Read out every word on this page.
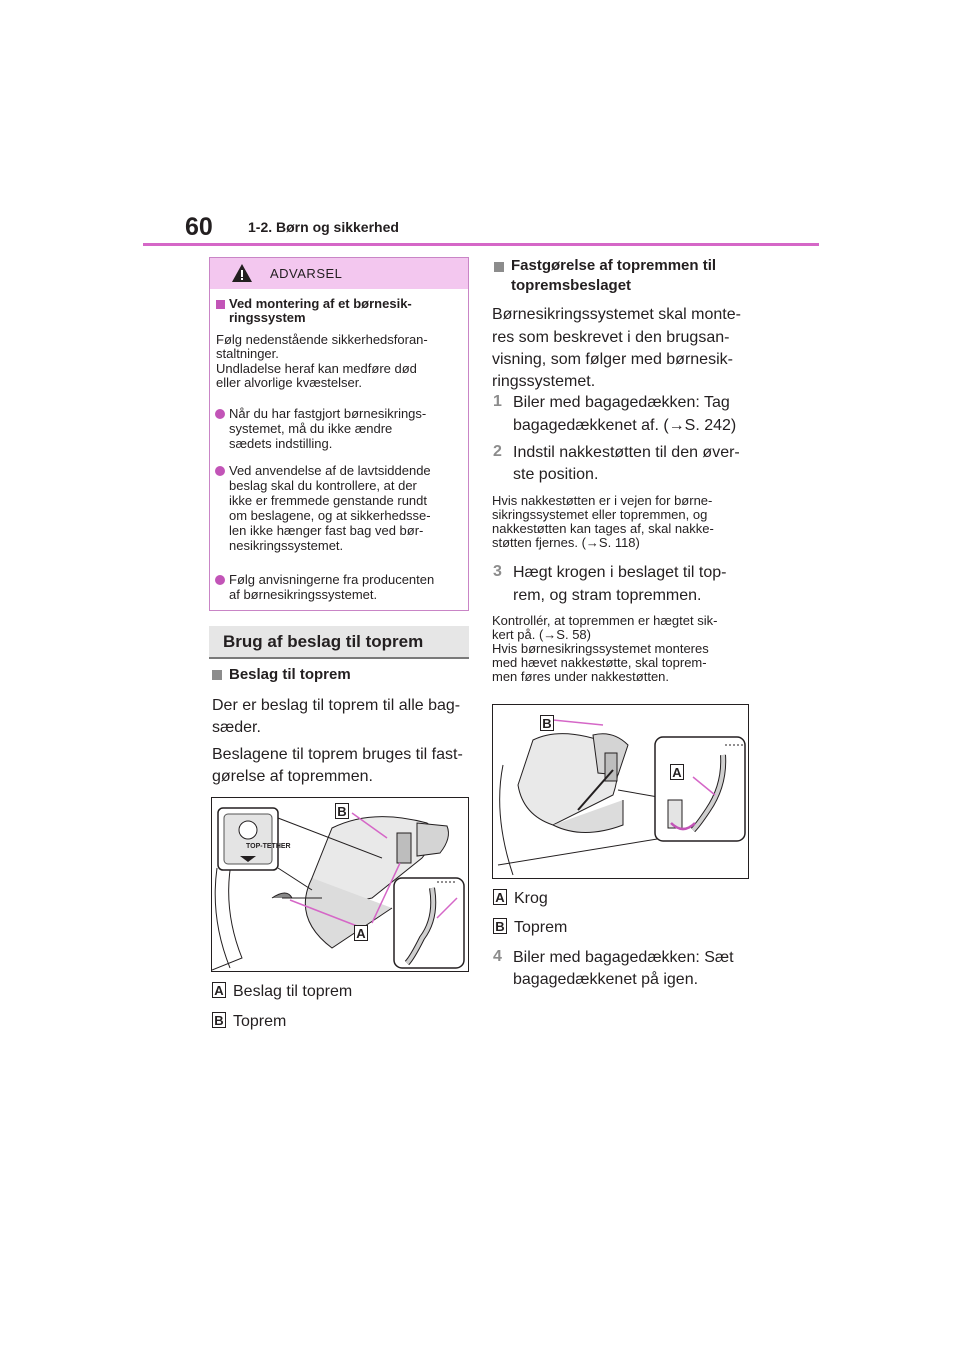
60	1-2. Børn og sikkerhed
ADVARSEL
Ved montering af et børnesik-
ringssystem
Følg nedenstående sikkerhedsforan-
staltninger.
Undladelse heraf kan medføre død
eller alvorlige kvæstelser.
Når du har fastgjort børnesikrings-
systemet, må du ikke ændre
sædets indstilling.
Ved anvendelse af de lavtsiddende
beslag skal du kontrollere, at der
ikke er fremmede genstande rundt
om beslagene, og at sikkerhedsse-
len ikke hænger fast bag ved bør-
nesikringssystemet.
Følg anvisningerne fra producenten
af børnesikringssystemet.
Brug af beslag til toprem
Beslag til toprem
Der er beslag til toprem til alle bag-
sæder.
Beslagene til toprem bruges til fast-
gørelse af topremmen.
TOP-TETHER
B
A
A Beslag til toprem
B Toprem
Fastgørelse af topremmen til
topremsbeslaget
Børnesikringssystemet skal monte-
res som beskrevet i den brugsan-
visning, som følger med børnesik-
ringssystemet.
1 Biler med bagagedækken: Tag
bagagedækkenet af. (→S. 242)
2 Indstil nakkestøtten til den øver-
ste position.
Hvis nakkestøtten er i vejen for børne-
sikringssystemet eller topremmen, og
nakkestøtten kan tages af, skal nakke-
støtten fjernes. (→S. 118)
3 Hægt krogen i beslaget til top-
rem, og stram topremmen.
Kontrollér, at topremmen er hægtet sik-
kert på. (→S. 58)
Hvis børnesikringssystemet monteres
med hævet nakkestøtte, skal toprem-
men føres under nakkestøtten.
B
A
A Krog
B Toprem
4 Biler med bagagedækken: Sæt
bagagedækkenet på igen.
